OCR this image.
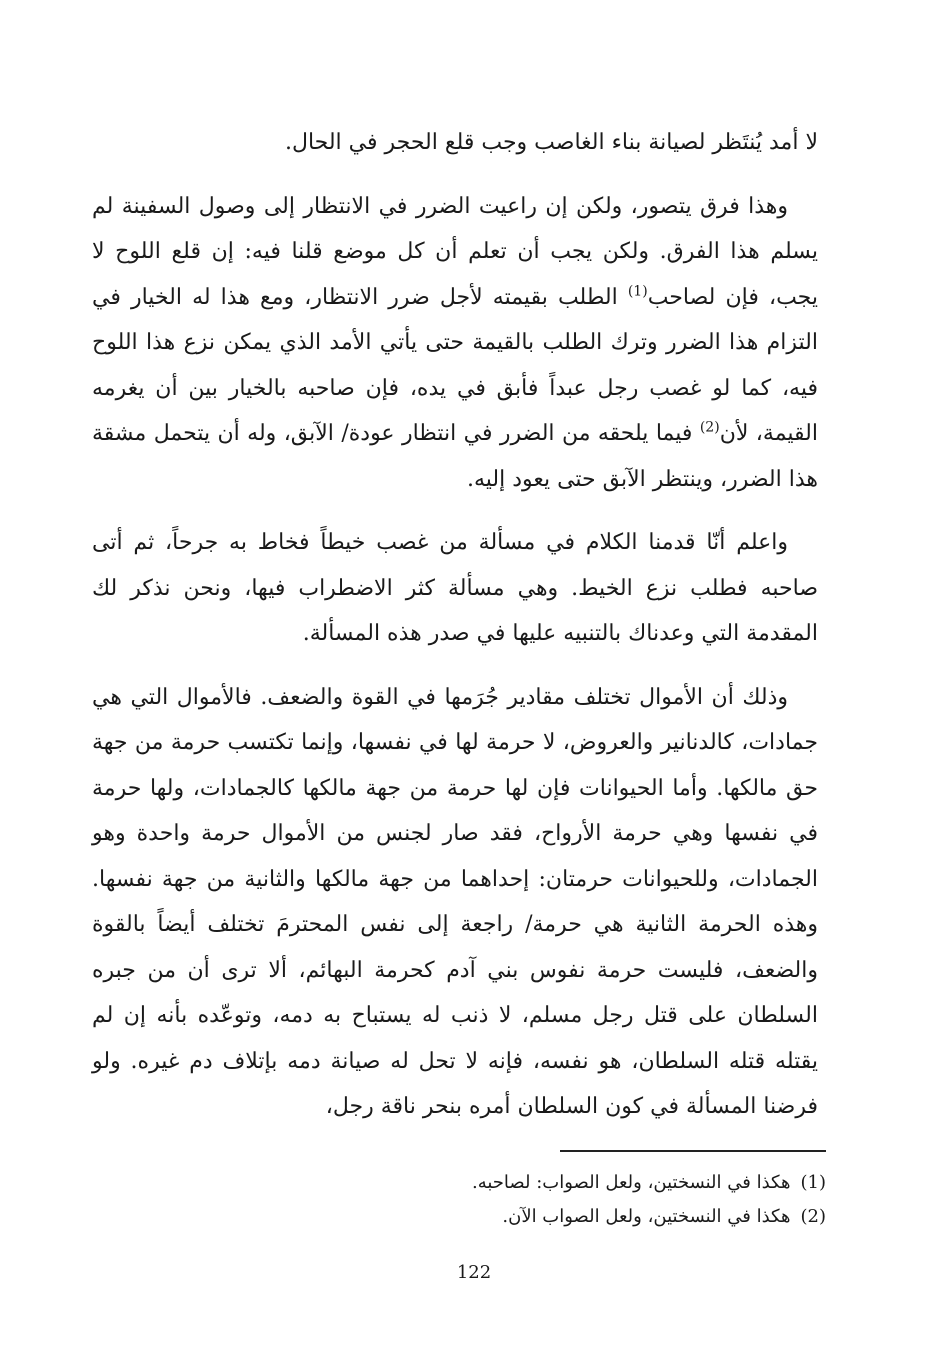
لا أمد يُنتَظر لصيانة بناء الغاصب وجب قلع الحجر في الحال.

وهذا فرق يتصور، ولكن إن راعيت الضرر في الانتظار إلى وصول السفينة لم يسلم هذا الفرق. ولكن يجب أن تعلم أن كل موضع قلنا فيه: إن قلع اللوح لا يجب، فإن لصاحب$^{(1)}$ الطلب بقيمته لأجل ضرر الانتظار، ومع هذا له الخيار في التزام هذا الضرر وترك الطلب بالقيمة حتى يأتي الأمد الذي يمكن نزع هذا اللوح فيه، كما لو غصب رجل عبداً فأبق في يده، فإن صاحبه بالخيار بين أن يغرمه القيمة، لأن$^{(2)}$ فيما يلحقه من الضرر في انتظار عودة/ الآبق، وله أن يتحمل مشقة هذا الضرر، وينتظر الآبق حتى يعود إليه.

واعلم أنّا قدمنا الكلام في مسألة من غصب خيطاً فخاط به جرحاً، ثم أتى صاحبه فطلب نزع الخيط. وهي مسألة كثر الاضطراب فيها، ونحن نذكر لك المقدمة التي وعدناك بالتنبيه عليها في صدر هذه المسألة.

وذلك أن الأموال تختلف مقادير جُرَمها في القوة والضعف. فالأموال التي هي جمادات، كالدنانير والعروض، لا حرمة لها في نفسها، وإنما تكتسب حرمة من جهة حق مالكها. وأما الحيوانات فإن لها حرمة من جهة مالكها كالجمادات، ولها حرمة في نفسها وهي حرمة الأرواح، فقد صار لجنس من الأموال حرمة واحدة وهو الجمادات، وللحيوانات حرمتان: إحداهما من جهة مالكها والثانية من جهة نفسها. وهذه الحرمة الثانية هي حرمة/ راجعة إلى نفس المحترمَ تختلف أيضاً بالقوة والضعف، فليست حرمة نفوس بني آدم كحرمة البهائم، ألا ترى أن من جبره السلطان على قتل رجل مسلم، لا ذنب له يستباح به دمه، وتوعّده بأنه إن لم يقتله قتله السلطان، هو نفسه، فإنه لا تحل له صيانة دمه بإتلاف دم غيره. ولو فرضنا المسألة في كون السلطان أمره بنحر ناقة رجل،

(1)هكذا في النسختين، ولعل الصواب: لصاحبه.

(2)هكذا في النسختين، ولعل الصواب الآن.

122
